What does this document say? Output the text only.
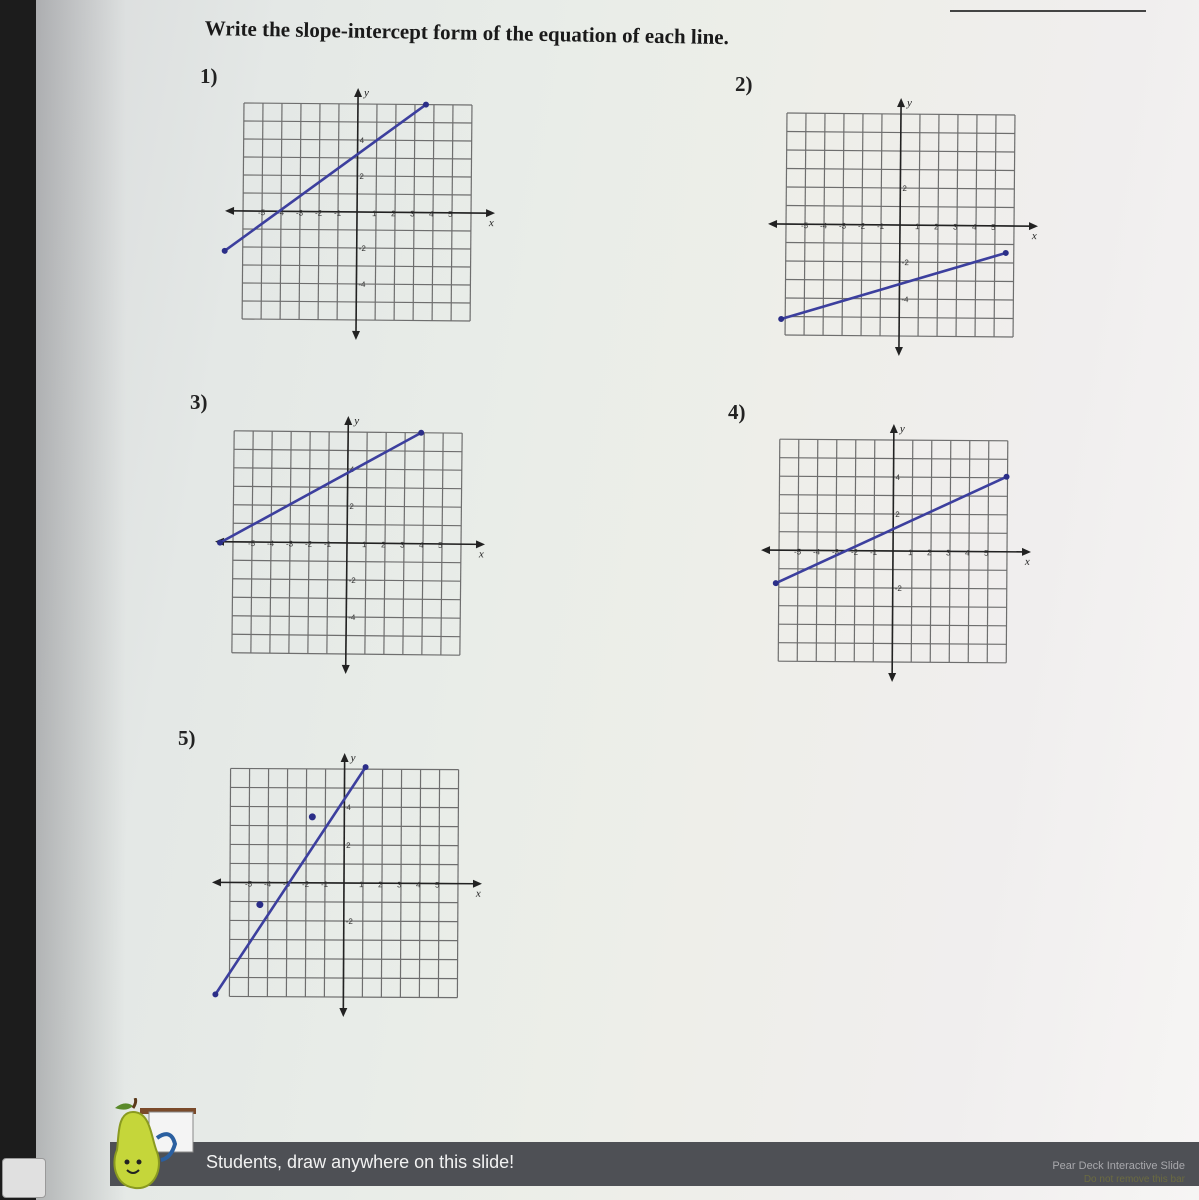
Write the slope-intercept form of the equation of each line.
1)	2)
3)	4)
5)
x
y
-5 -4 -3 -2 -1	1 2 3 4 5
4
2
-2
-4
x
y
-5 -4 -3 -2 -1	1 2 3 4 5
2
-2
-4
x
y
-5 -4 -3 -2 -1	1 2 3 4 5
4
2
-2
-4
x
y
-5 -4 -3 -2 -1	1 2 3 4 5
4
2
-2
x
y
-5 -4 -3 -2 -1	1 2 3 4 5
4
2
-2
Students, draw anywhere on this slide!	Pear Deck Interactive Slide
Do not remove this bar
